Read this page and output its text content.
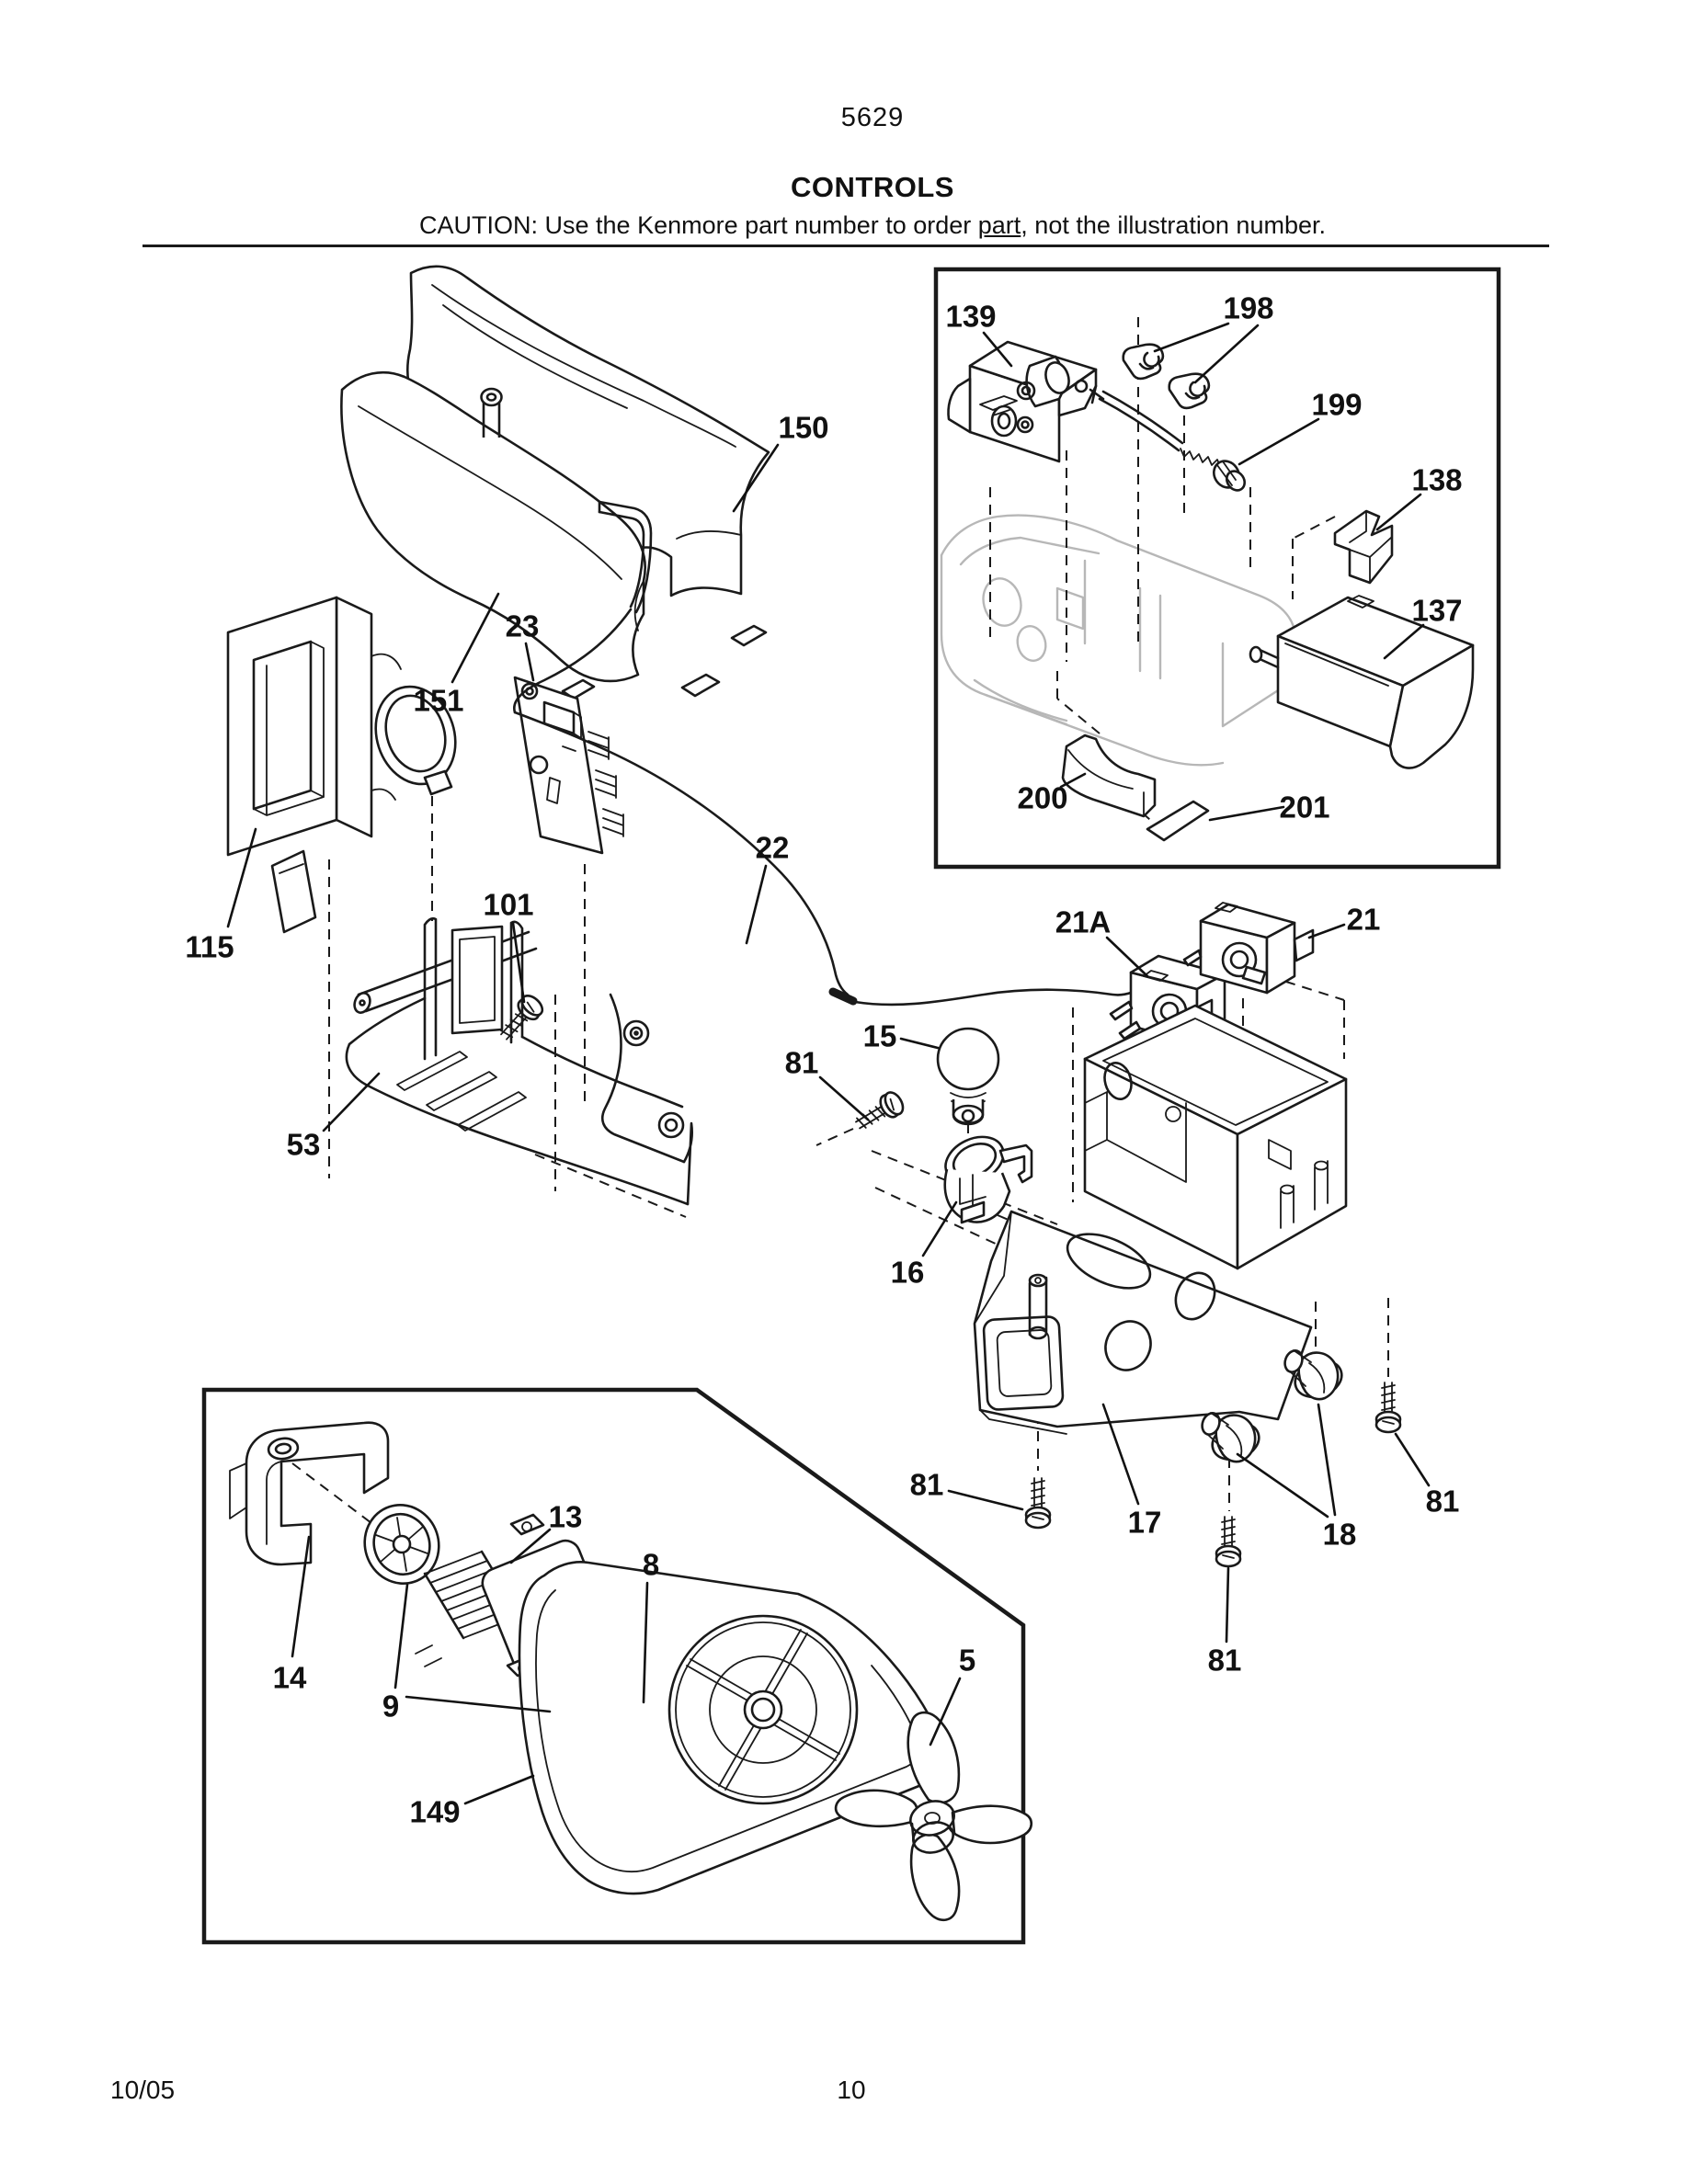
5629
CONTROLS
CAUTION: Use the Kenmore part number to order part, not the illustration number.
150
151
23
115
101
22
53
139	198
199
138
137
200	201
21A	21
15
81
16
17	18
81
81
81
13
14
9
8
149
5
10/05	10
